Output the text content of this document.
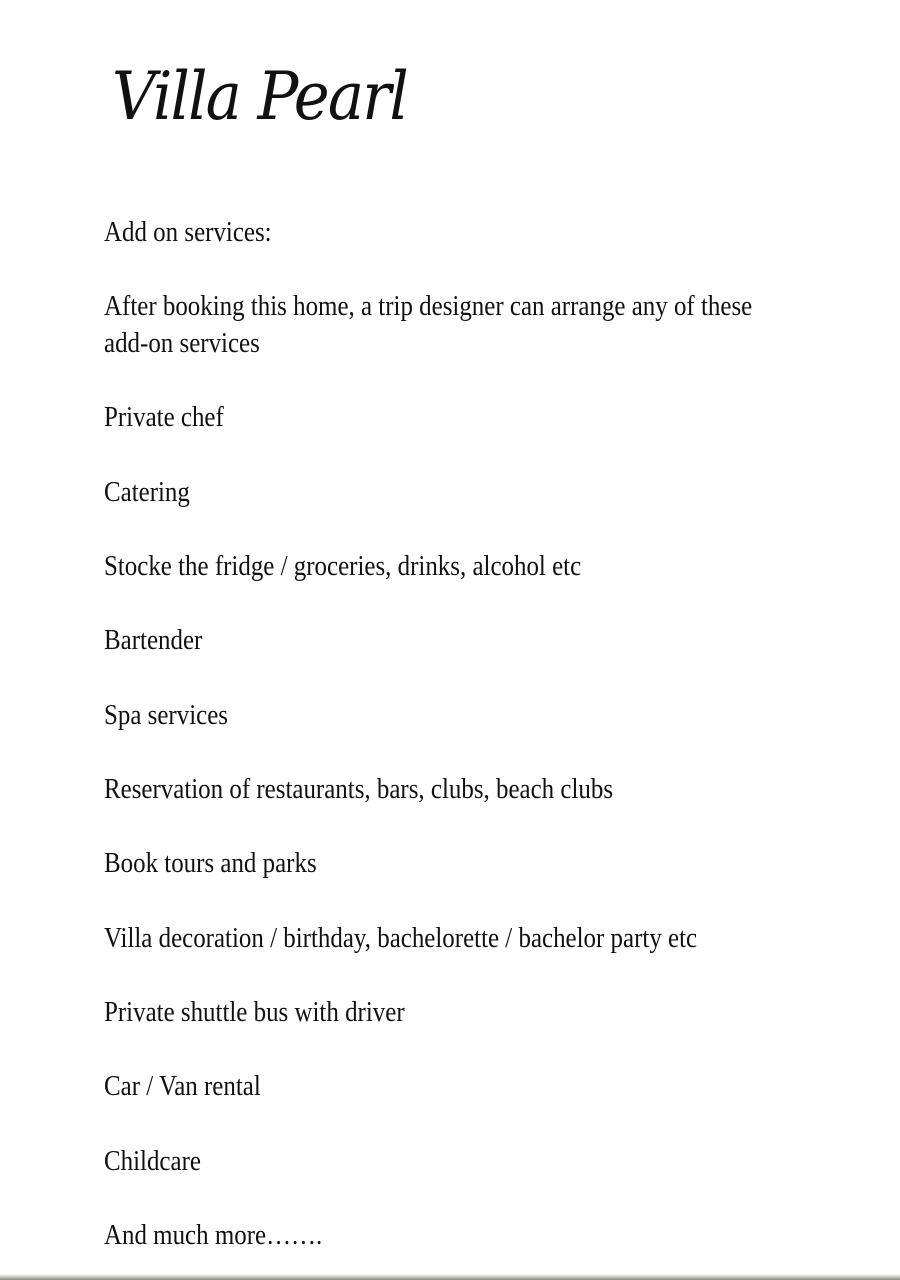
Villa Pearl
Add on services:
After booking this home, a trip designer can arrange any of these
add-on services
Private chef
Catering
Stocke the fridge / groceries, drinks, alcohol etc
Bartender
Spa services
Reservation of restaurants, bars, clubs, beach clubs
Book tours and parks
Villa decoration / birthday, bachelorette / bachelor party etc
Private shuttle bus with driver
Car / Van rental
Childcare
And much more…….
